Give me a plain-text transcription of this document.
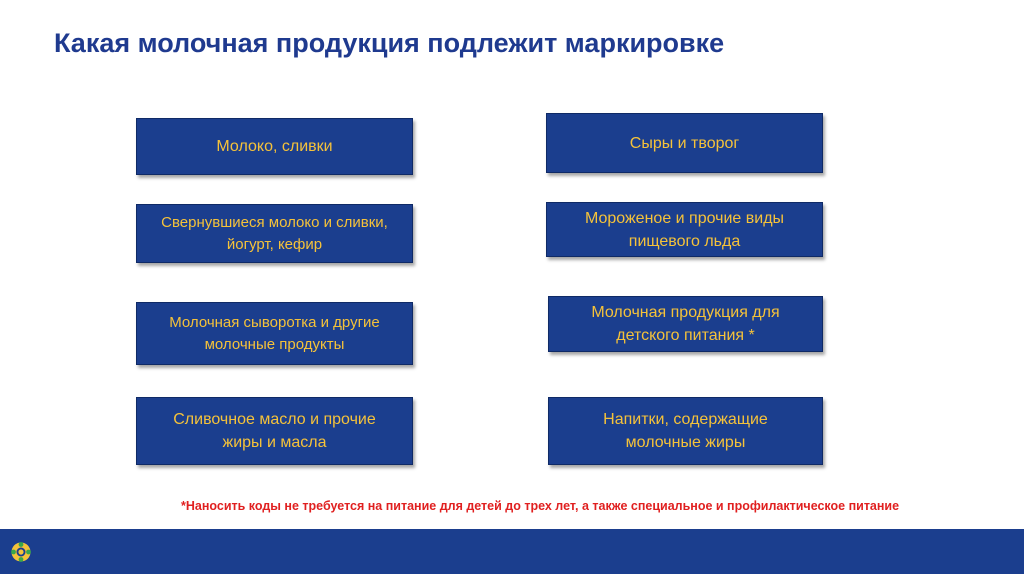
Какая молочная продукция подлежит маркировке
Молоко, сливки
Свернувшиеся молоко и сливки,
йогурт, кефир
Молочная сыворотка и другие
молочные продукты
Сливочное масло и прочие
жиры и масла
Сыры и творог
Мороженое и прочие виды
пищевого льда
Молочная продукция для
детского питания *
Напитки, содержащие
молочные жиры
*Наносить коды не требуется на питание для детей до трех лет, а также специальное и профилактическое питание
